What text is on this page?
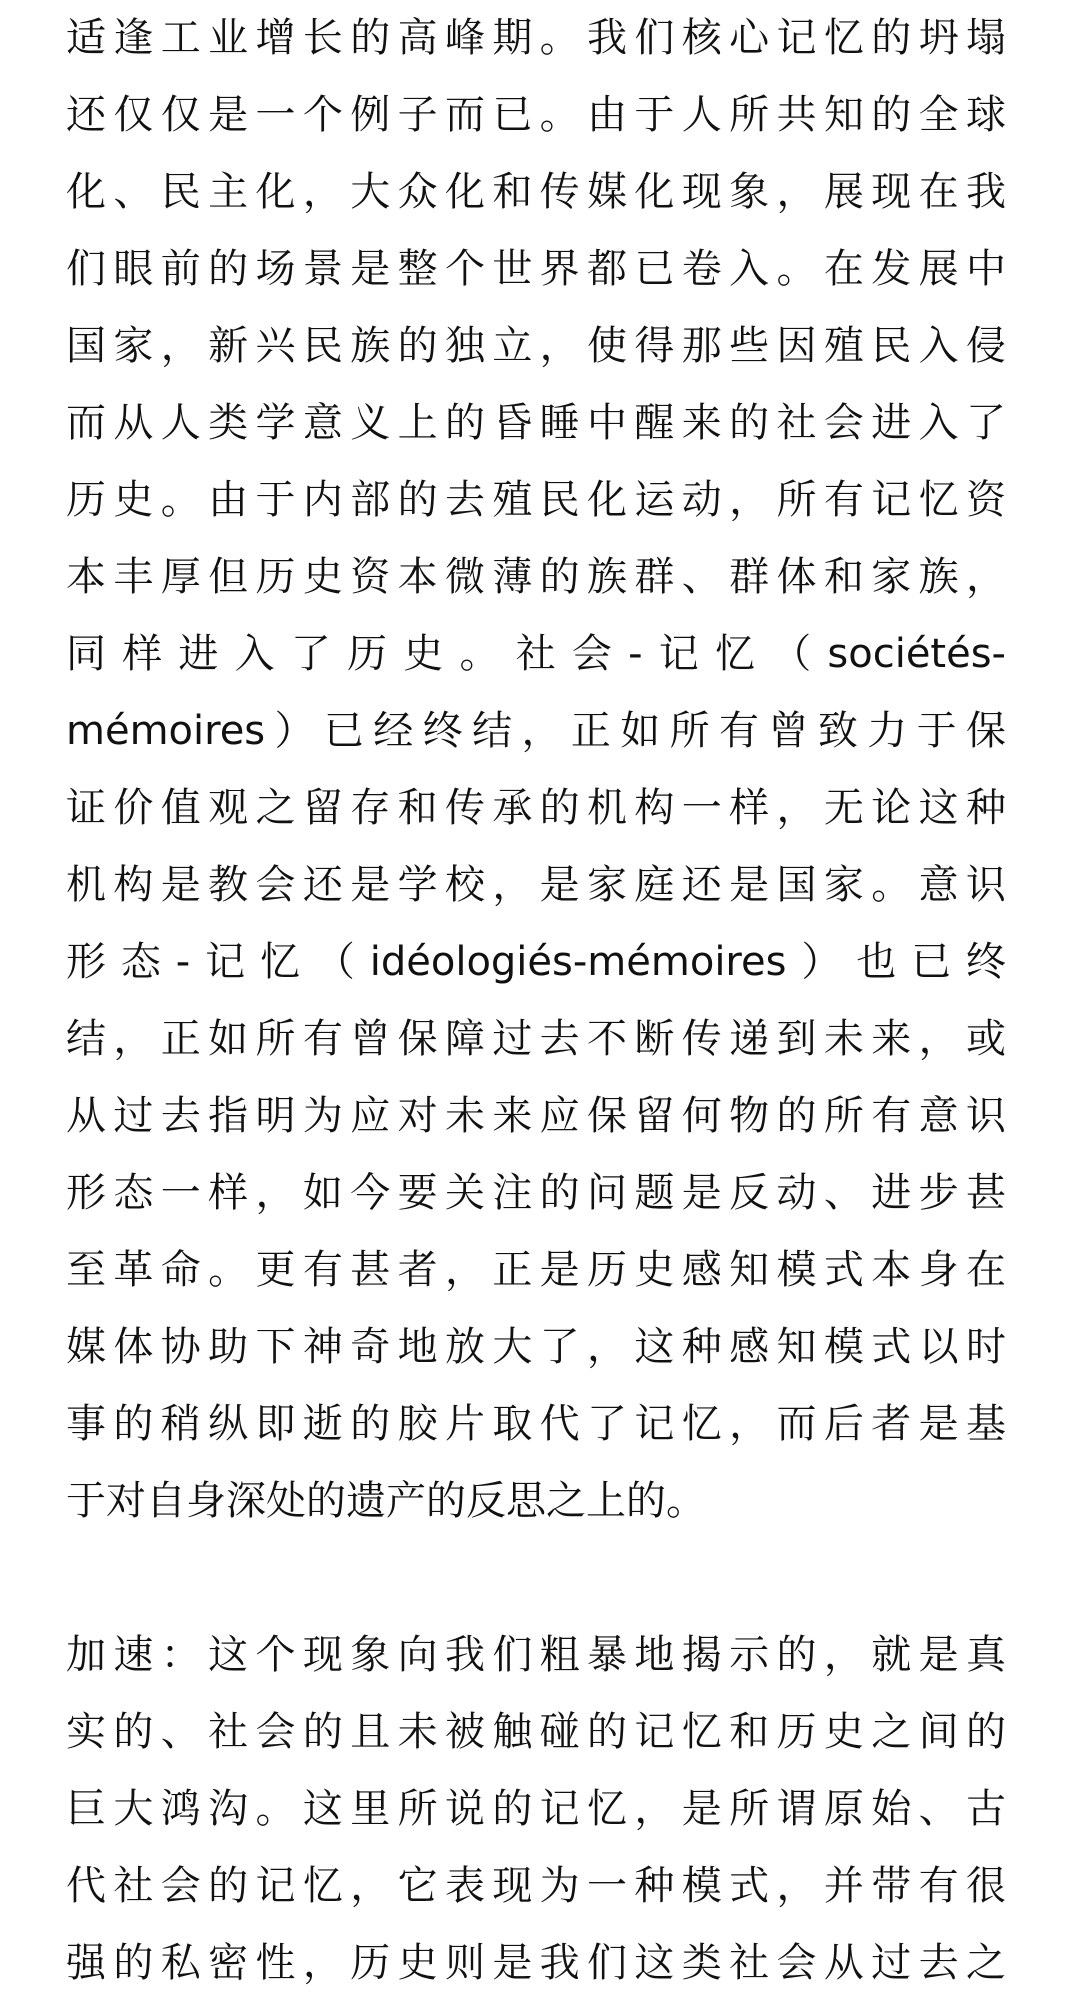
适逢工业增长的高峰期。我们核心记忆的坍塌
还仅仅是一个例子而已。由于人所共知的全球
化、民主化，大众化和传媒化现象，展现在我
们眼前的场景是整个世界都已卷入。在发展中
国家，新兴民族的独立，使得那些因殖民入侵
而从人类学意义上的昏睡中醒来的社会进入了
历史。由于内部的去殖民化运动，所有记忆资
本丰厚但历史资本微薄的族群、群体和家族，
同样进入了历史。社会-记忆（sociétés-
mémoires）已经终结，正如所有曾致力于保
证价值观之留存和传承的机构一样，无论这种
机构是教会还是学校，是家庭还是国家。意识
形态-记忆（idéologiés-mémoires）也已终
结，正如所有曾保障过去不断传递到未来，或
从过去指明为应对未来应保留何物的所有意识
形态一样，如今要关注的问题是反动、进步甚
至革命。更有甚者，正是历史感知模式本身在
媒体协助下神奇地放大了，这种感知模式以时
事的稍纵即逝的胶片取代了记忆，而后者是基
于对自身深处的遗产的反思之上的。
加速：这个现象向我们粗暴地揭示的，就是真
实的、社会的且未被触碰的记忆和历史之间的
巨大鸿沟。这里所说的记忆，是所谓原始、古
代社会的记忆，它表现为一种模式，并带有很
强的私密性，历史则是我们这类社会从过去之
